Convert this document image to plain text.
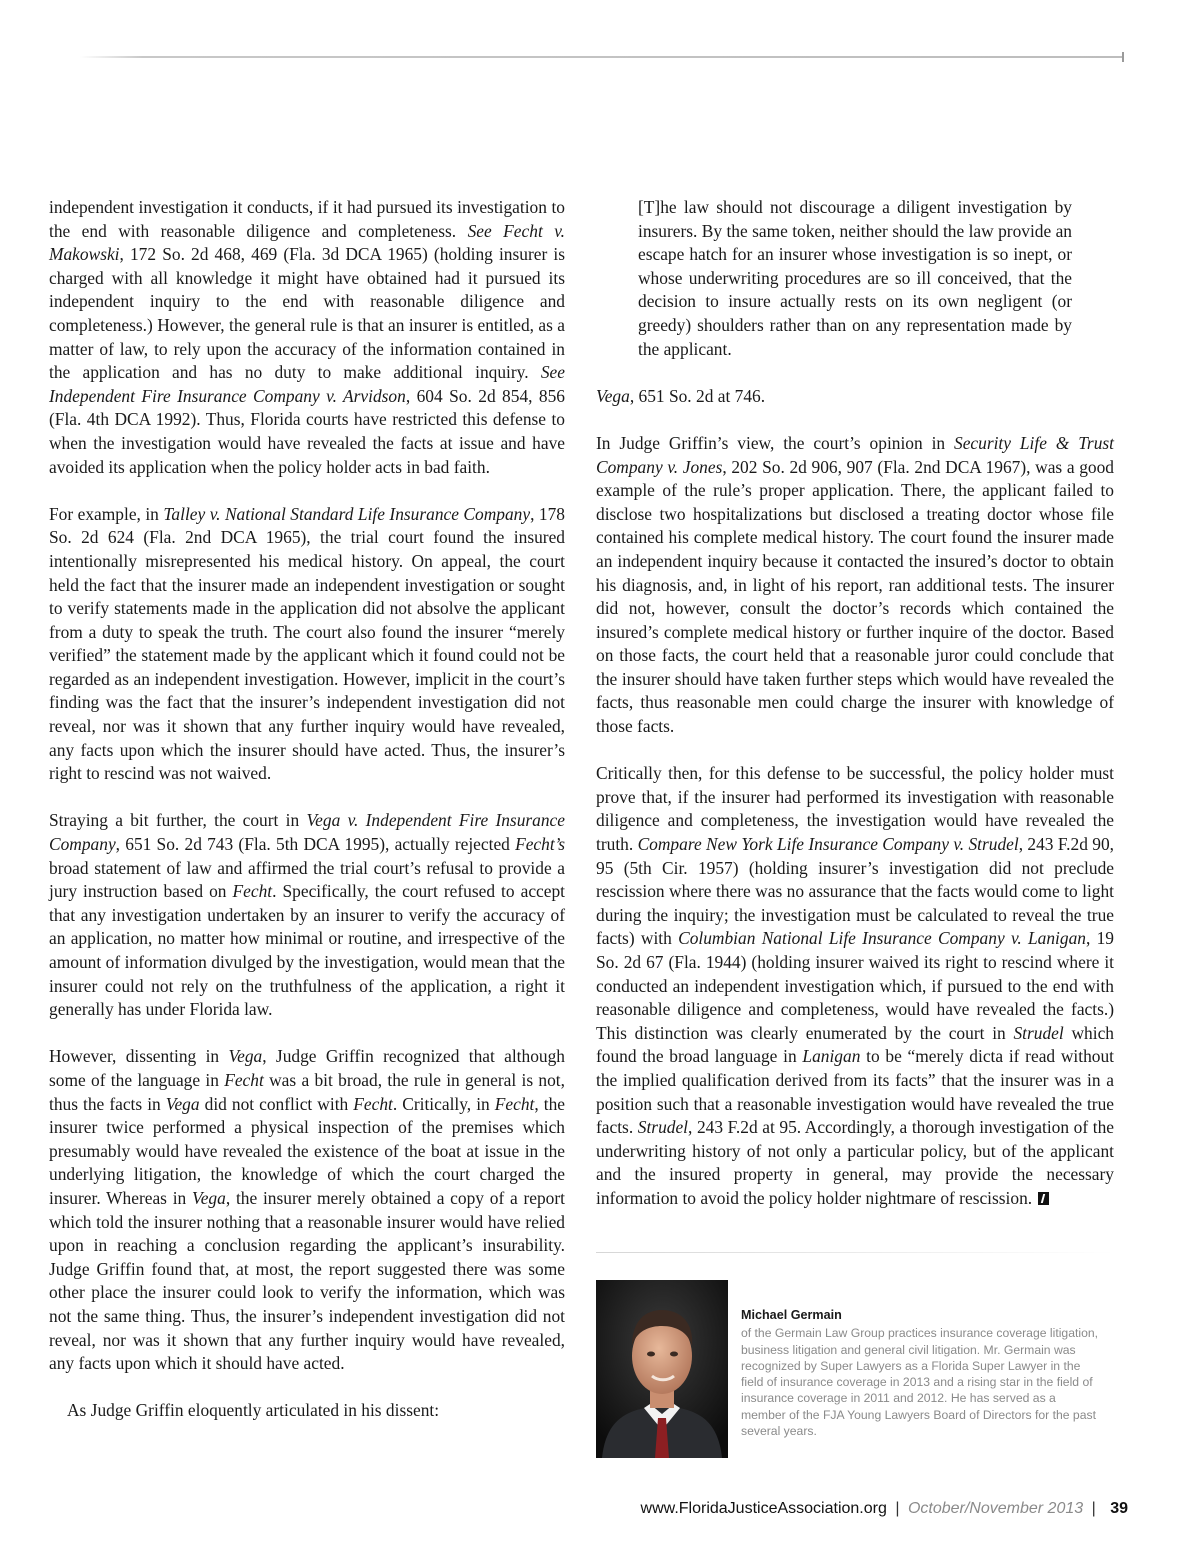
independent investigation it conducts, if it had pursued its investigation to the end with reasonable diligence and completeness. See Fecht v. Makowski, 172 So. 2d 468, 469 (Fla. 3d DCA 1965) (holding insurer is charged with all knowledge it might have obtained had it pursued its independent inquiry to the end with reasonable diligence and completeness.) However, the general rule is that an insurer is entitled, as a matter of law, to rely upon the accuracy of the information contained in the application and has no duty to make additional inquiry. See Independent Fire Insurance Company v. Arvidson, 604 So. 2d 854, 856 (Fla. 4th DCA 1992). Thus, Florida courts have restricted this defense to when the investigation would have revealed the facts at issue and have avoided its application when the policy holder acts in bad faith.

For example, in Talley v. National Standard Life Insurance Company, 178 So. 2d 624 (Fla. 2nd DCA 1965), the trial court found the insured intentionally misrepresented his medical history. On appeal, the court held the fact that the insurer made an independent investigation or sought to verify statements made in the application did not absolve the applicant from a duty to speak the truth. The court also found the insurer “merely verified” the statement made by the applicant which it found could not be regarded as an independent investigation. However, implicit in the court’s finding was the fact that the insurer’s independent investigation did not reveal, nor was it shown that any further inquiry would have revealed, any facts upon which the insurer should have acted. Thus, the insurer’s right to rescind was not waived.

Straying a bit further, the court in Vega v. Independent Fire Insurance Company, 651 So. 2d 743 (Fla. 5th DCA 1995), actually rejected Fecht’s broad statement of law and affirmed the trial court’s refusal to provide a jury instruction based on Fecht. Specifically, the court refused to accept that any investigation undertaken by an insurer to verify the accuracy of an application, no matter how minimal or routine, and irrespective of the amount of information divulged by the investigation, would mean that the insurer could not rely on the truthfulness of the application, a right it generally has under Florida law.

However, dissenting in Vega, Judge Griffin recognized that although some of the language in Fecht was a bit broad, the rule in general is not, thus the facts in Vega did not conflict with Fecht. Critically, in Fecht, the insurer twice performed a physical inspection of the premises which presumably would have revealed the existence of the boat at issue in the underlying litigation, the knowledge of which the court charged the insurer. Whereas in Vega, the insurer merely obtained a copy of a report which told the insurer nothing that a reasonable insurer would have relied upon in reaching a conclusion regarding the applicant’s insurability. Judge Griffin found that, at most, the report suggested there was some other place the insurer could look to verify the information, which was not the same thing. Thus, the insurer’s independent investigation did not reveal, nor was it shown that any further inquiry would have revealed, any facts upon which it should have acted.

As Judge Griffin eloquently articulated in his dissent:

[T]he law should not discourage a diligent investigation by insurers. By the same token, neither should the law provide an escape hatch for an insurer whose investigation is so inept, or whose underwriting procedures are so ill conceived, that the decision to insure actually rests on its own negligent (or greedy) shoulders rather than on any representation made by the applicant.

Vega, 651 So. 2d at 746.

In Judge Griffin’s view, the court’s opinion in Security Life & Trust Company v. Jones, 202 So. 2d 906, 907 (Fla. 2nd DCA 1967), was a good example of the rule’s proper application. There, the applicant failed to disclose two hospitalizations but disclosed a treating doctor whose file contained his complete medical history. The court found the insurer made an independent inquiry because it contacted the insured’s doctor to obtain his diagnosis, and, in light of his report, ran additional tests. The insurer did not, however, consult the doctor’s records which contained the insured’s complete medical history or further inquire of the doctor. Based on those facts, the court held that a reasonable juror could conclude that the insurer should have taken further steps which would have revealed the facts, thus reasonable men could charge the insurer with knowledge of those facts.

Critically then, for this defense to be successful, the policy holder must prove that, if the insurer had performed its investigation with reasonable diligence and completeness, the investigation would have revealed the truth. Compare New York Life Insurance Company v. Strudel, 243 F.2d 90, 95 (5th Cir. 1957) (holding insurer’s investigation did not preclude rescission where there was no assurance that the facts would come to light during the inquiry; the investigation must be calculated to reveal the true facts) with Columbian National Life Insurance Company v. Lanigan, 19 So. 2d 67 (Fla. 1944) (holding insurer waived its right to rescind where it conducted an independent investigation which, if pursued to the end with reasonable diligence and completeness, would have revealed the facts.) This distinction was clearly enumerated by the court in Strudel which found the broad language in Lanigan to be “merely dicta if read without the implied qualification derived from its facts” that the insurer was in a position such that a reasonable investigation would have revealed the true facts. Strudel, 243 F.2d at 95. Accordingly, a thorough investigation of the underwriting history of not only a particular policy, but of the applicant and the insured property in general, may provide the necessary information to avoid the policy holder nightmare of rescission.

Michael Germain
of the Germain Law Group practices insurance coverage litigation, business litigation and general civil litigation. Mr. Germain was recognized by Super Lawyers as a Florida Super Lawyer in the field of insurance coverage in 2013 and a rising star in the field of insurance coverage in 2011 and 2012. He has served as a member of the FJA Young Lawyers Board of Directors for the past several years.
www.FloridaJusticeAssociation.org | October/November 2013 | 39
